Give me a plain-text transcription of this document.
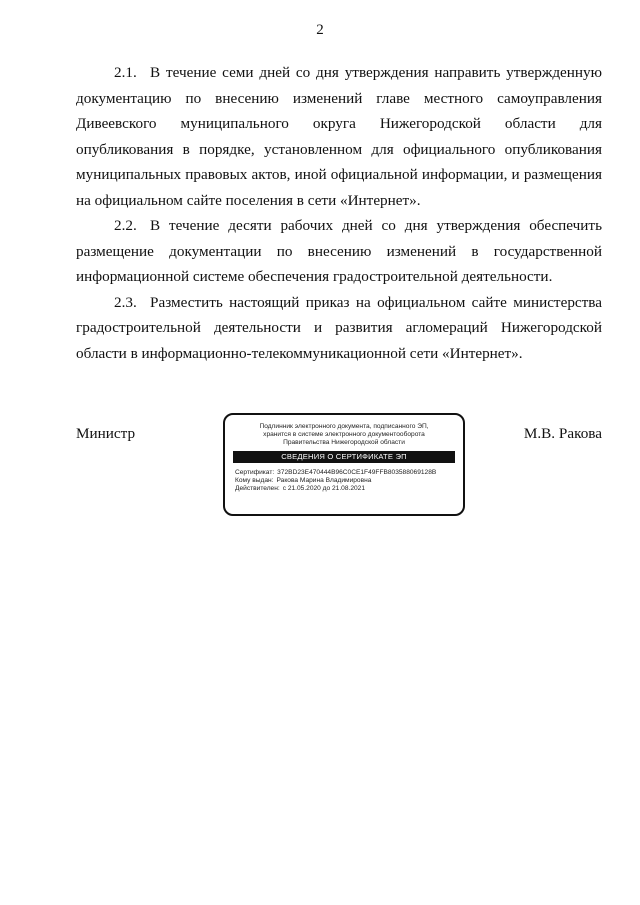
2

2.1. В течение семи дней со дня утверждения направить утвержденную документацию по внесению изменений главе местного самоуправления Дивеевского муниципального округа Нижегородской области для опубликования в порядке, установленном для официального опубликования муниципальных правовых актов, иной официальной информации, и размещения на официальном сайте поселения в сети «Интернет».

2.2. В течение десяти рабочих дней со дня утверждения обеспечить размещение документации по внесению изменений в государственной информационной системе обеспечения градостроительной деятельности.

2.3. Разместить настоящий приказ на официальном сайте министерства градостроительной деятельности и развития агломераций Нижегородской области в информационно-телекоммуникационной сети «Интернет».

Министр	Подлинник электронного документа, подписанного ЭП,
хранится в системе электронного документооборота
Правительства Нижегородской области
СВЕДЕНИЯ О СЕРТИФИКАТЕ ЭП
Сертификат: 372BD23E470444B96C0CE1F49FFB803588069128B
Кому выдан: Ракова Марина Владимировна
Действителен: с 21.05.2020 до 21.08.2021
М.В. Ракова
